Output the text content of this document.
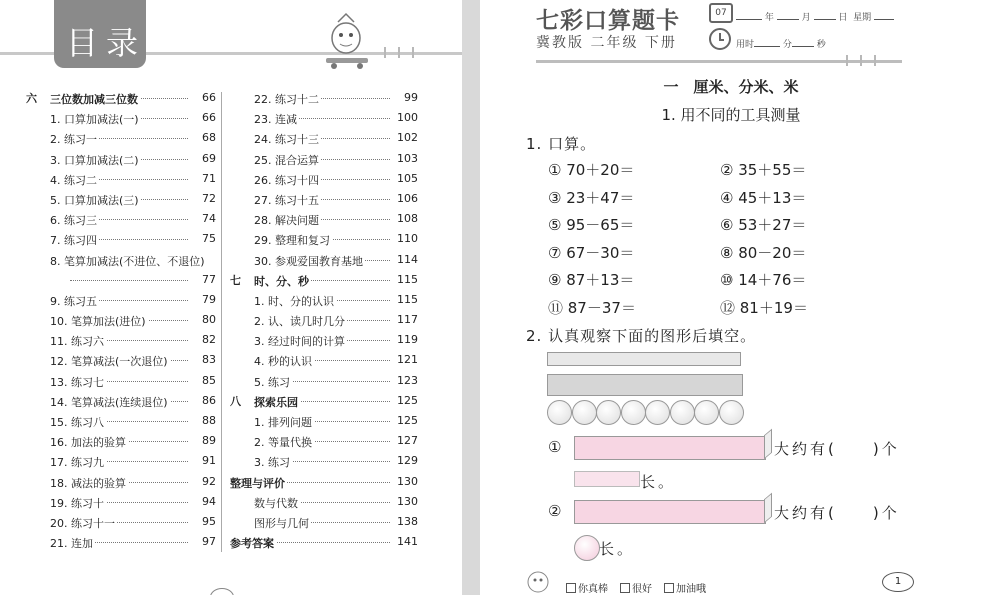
目录
六	三位数加减三位数	66
1. 口算加减法(一)	66
2. 练习一	68
3. 口算加减法(二)	69
4. 练习二	71
5. 口算加减法(三)	72
6. 练习三	74
7. 练习四	75
8. 笔算加减法(不进位、不退位)
77
9. 练习五	79
10. 笔算加法(进位)	80
11. 练习六	82
12. 笔算减法(一次退位)	83
13. 练习七	85
14. 笔算减法(连续退位)	86
15. 练习八	88
16. 加法的验算	89
17. 练习九	91
18. 减法的验算	92
19. 练习十	94
20. 练习十一	95
21. 连加	97
22. 练习十二	99
23. 连减	100
24. 练习十三	102
25. 混合运算	103
26. 练习十四	105
27. 练习十五	106
28. 解决问题	108
29. 整理和复习	110
30. 参观爱国教育基地	114
七	时、分、秒	115
1. 时、分的认识	115
2. 认、读几时几分	117
3. 经过时间的计算	119
4. 秒的认识	121
5. 练习	123
八	探索乐园	125
1. 排列问题	125
2. 等量代换	127
3. 练习	129
整理与评价	130
数与代数	130
图形与几何	138
参考答案	141
七彩口算题卡
冀教版 二年级 下册
07	年	月	日 星期
用时	分	秒
一　厘米、分米、米
1. 用不同的工具测量
1. 口算。
① 70＋20＝	② 35＋55＝
③ 23＋47＝	④ 45＋13＝
⑤ 95－65＝	⑥ 53＋27＝
⑦ 67－30＝	⑧ 80－20＝
⑨ 87＋13＝	⑩ 14＋76＝
⑪ 87－37＝	⑫ 81＋19＝
2. 认真观察下面的图形后填空。
①	大约有(　　)个
长。
②	大约有(　　)个
长。
你真棒	很好	加油哦
1
